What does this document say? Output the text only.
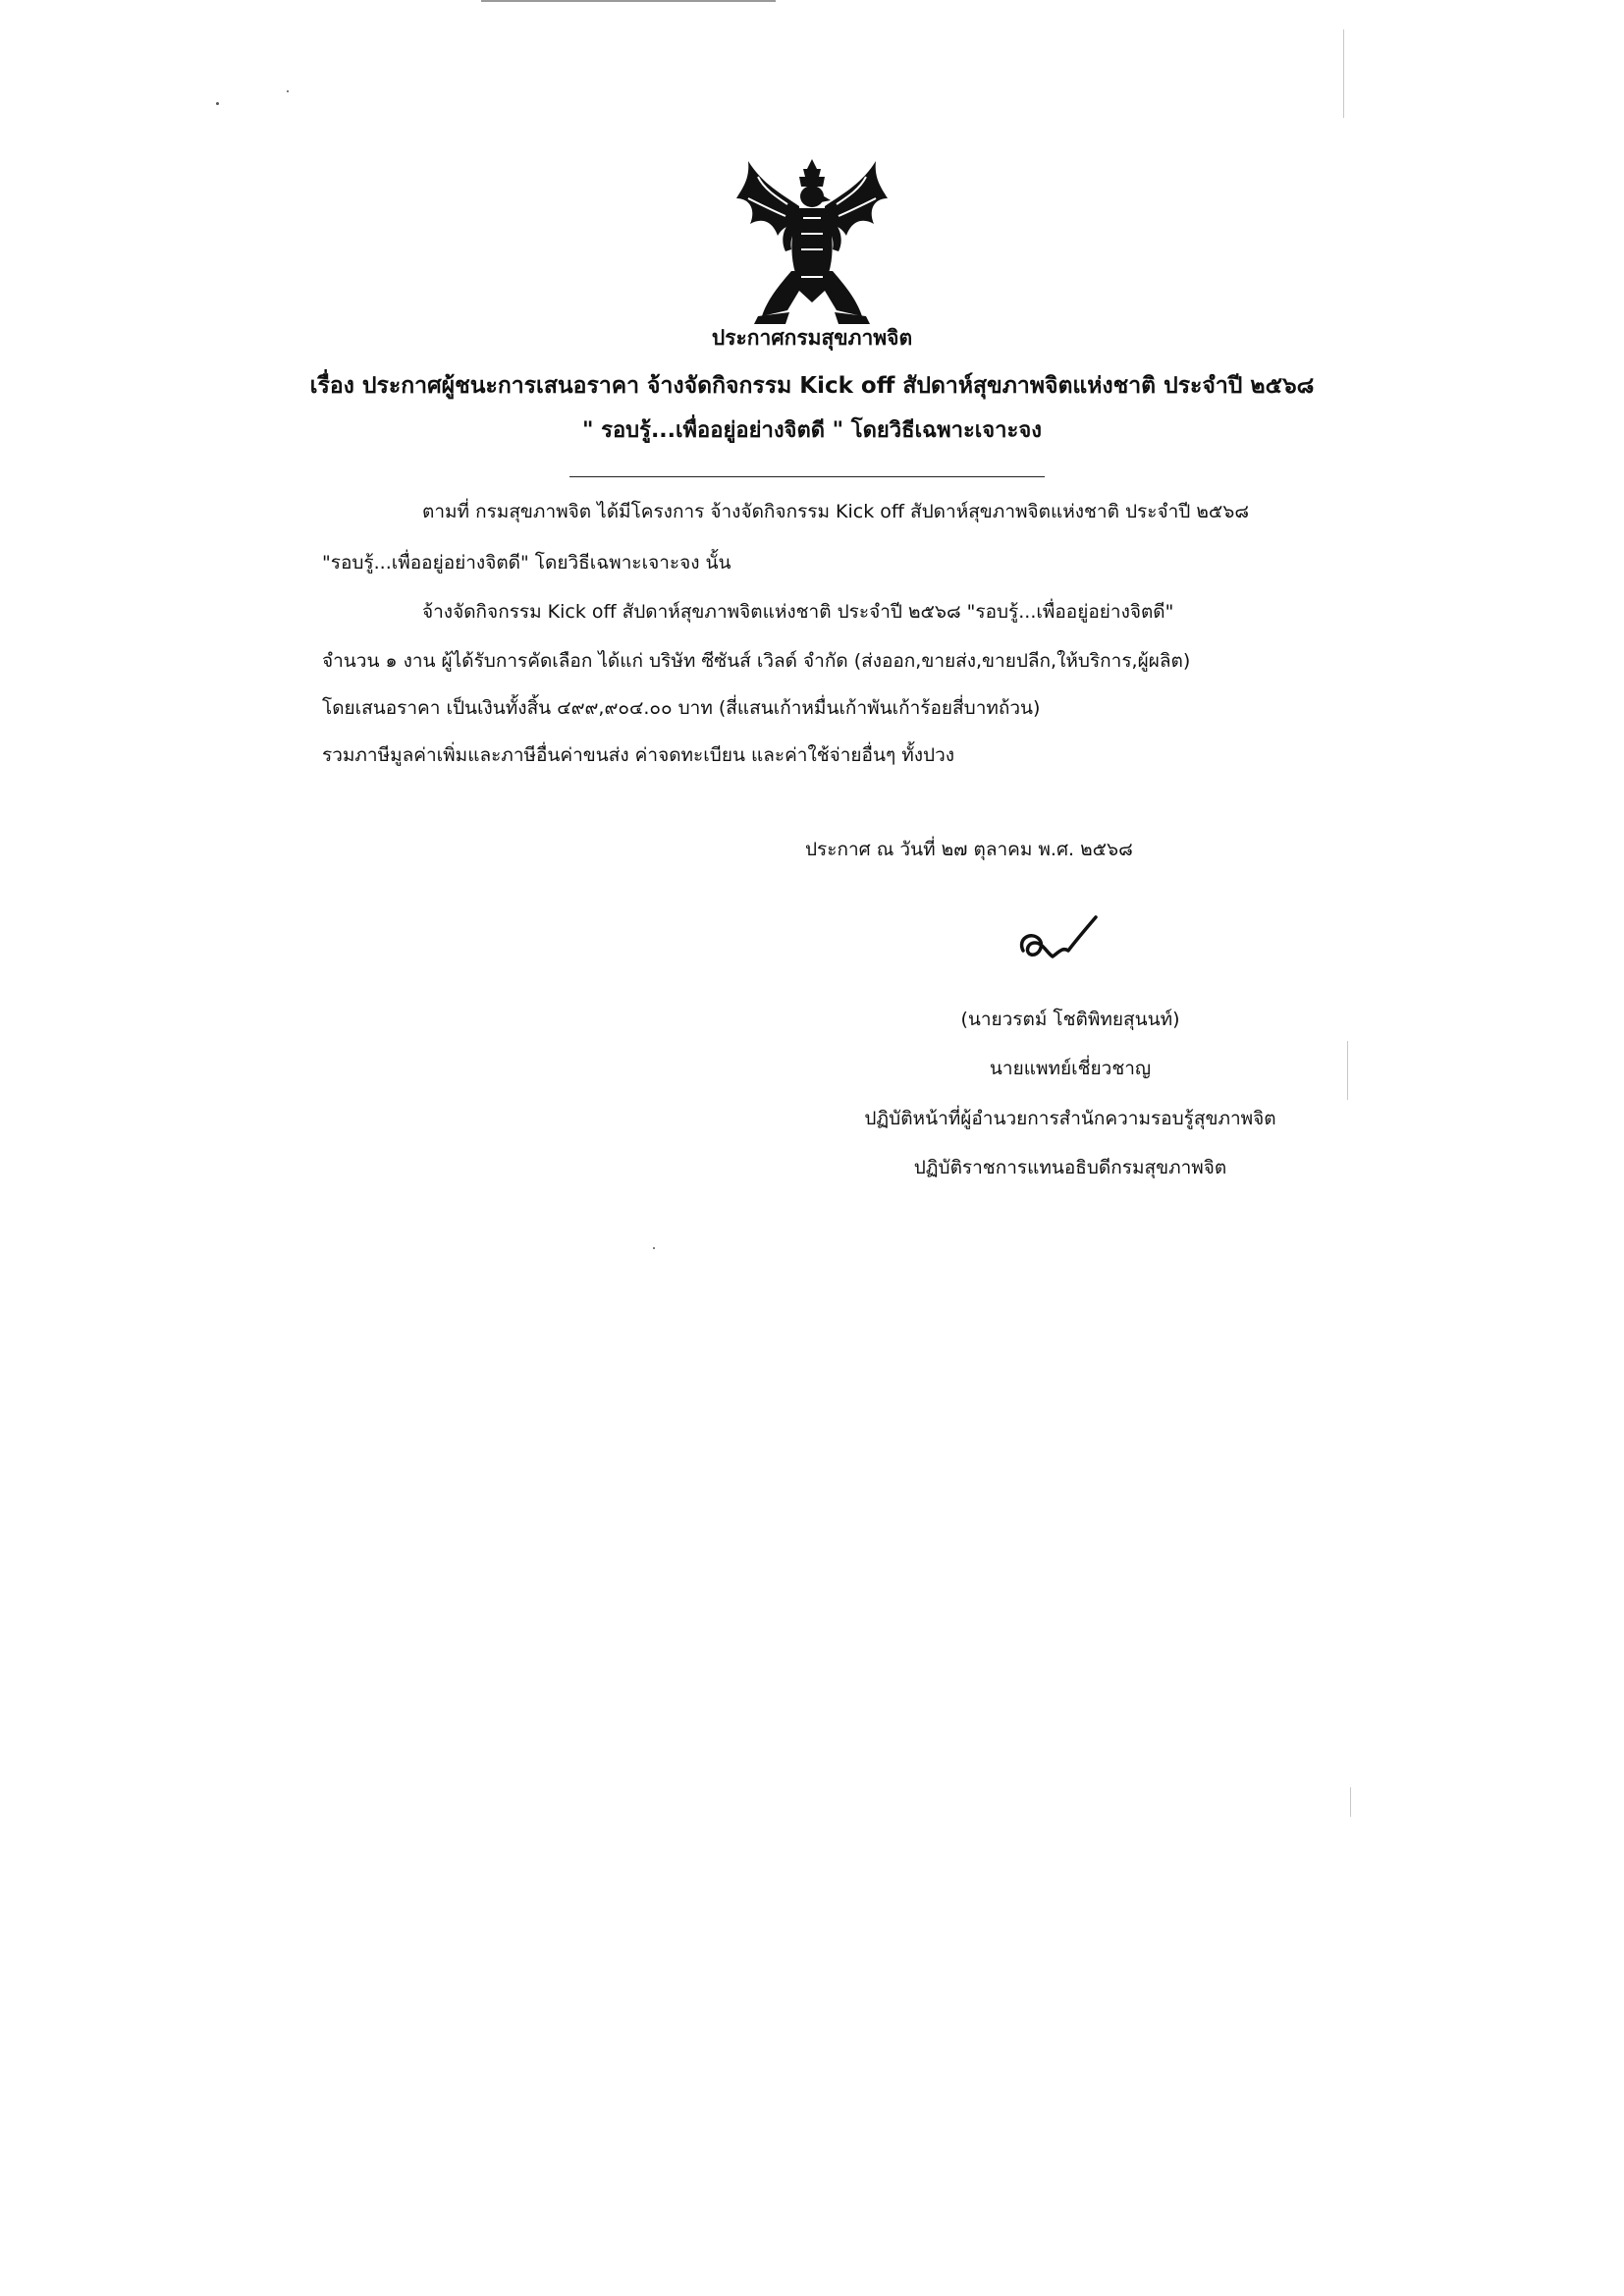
ประกาศกรมสุขภาพจิต
เรื่อง ประกาศผู้ชนะการเสนอราคา จ้างจัดกิจกรรม Kick off สัปดาห์สุขภาพจิตแห่งชาติ ประจำปี ๒๕๖๘
" รอบรู้...เพื่ออยู่อย่างจิตดี " โดยวิธีเฉพาะเจาะจง
ตามที่ กรมสุขภาพจิต ได้มีโครงการ จ้างจัดกิจกรรม Kick off สัปดาห์สุขภาพจิตแห่งชาติ ประจำปี ๒๕๖๘
"รอบรู้...เพื่ออยู่อย่างจิตดี" โดยวิธีเฉพาะเจาะจง นั้น
จ้างจัดกิจกรรม Kick off สัปดาห์สุขภาพจิตแห่งชาติ ประจำปี ๒๕๖๘ "รอบรู้...เพื่ออยู่อย่างจิตดี"
จำนวน ๑ งาน ผู้ได้รับการคัดเลือก ได้แก่ บริษัท ซีซันส์ เวิลด์ จำกัด (ส่งออก,ขายส่ง,ขายปลีก,ให้บริการ,ผู้ผลิต)
โดยเสนอราคา เป็นเงินทั้งสิ้น ๔๙๙,๙๐๔.๐๐ บาท (สี่แสนเก้าหมื่นเก้าพันเก้าร้อยสี่บาทถ้วน)
รวมภาษีมูลค่าเพิ่มและภาษีอื่นค่าขนส่ง ค่าจดทะเบียน และค่าใช้จ่ายอื่นๆ ทั้งปวง
ประกาศ ณ วันที่ ๒๗ ตุลาคม พ.ศ. ๒๕๖๘
(นายวรตม์ โชติพิทยสุนนท์)
นายแพทย์เชี่ยวชาญ
ปฏิบัติหน้าที่ผู้อำนวยการสำนักความรอบรู้สุขภาพจิต
ปฏิบัติราชการแทนอธิบดีกรมสุขภาพจิต
